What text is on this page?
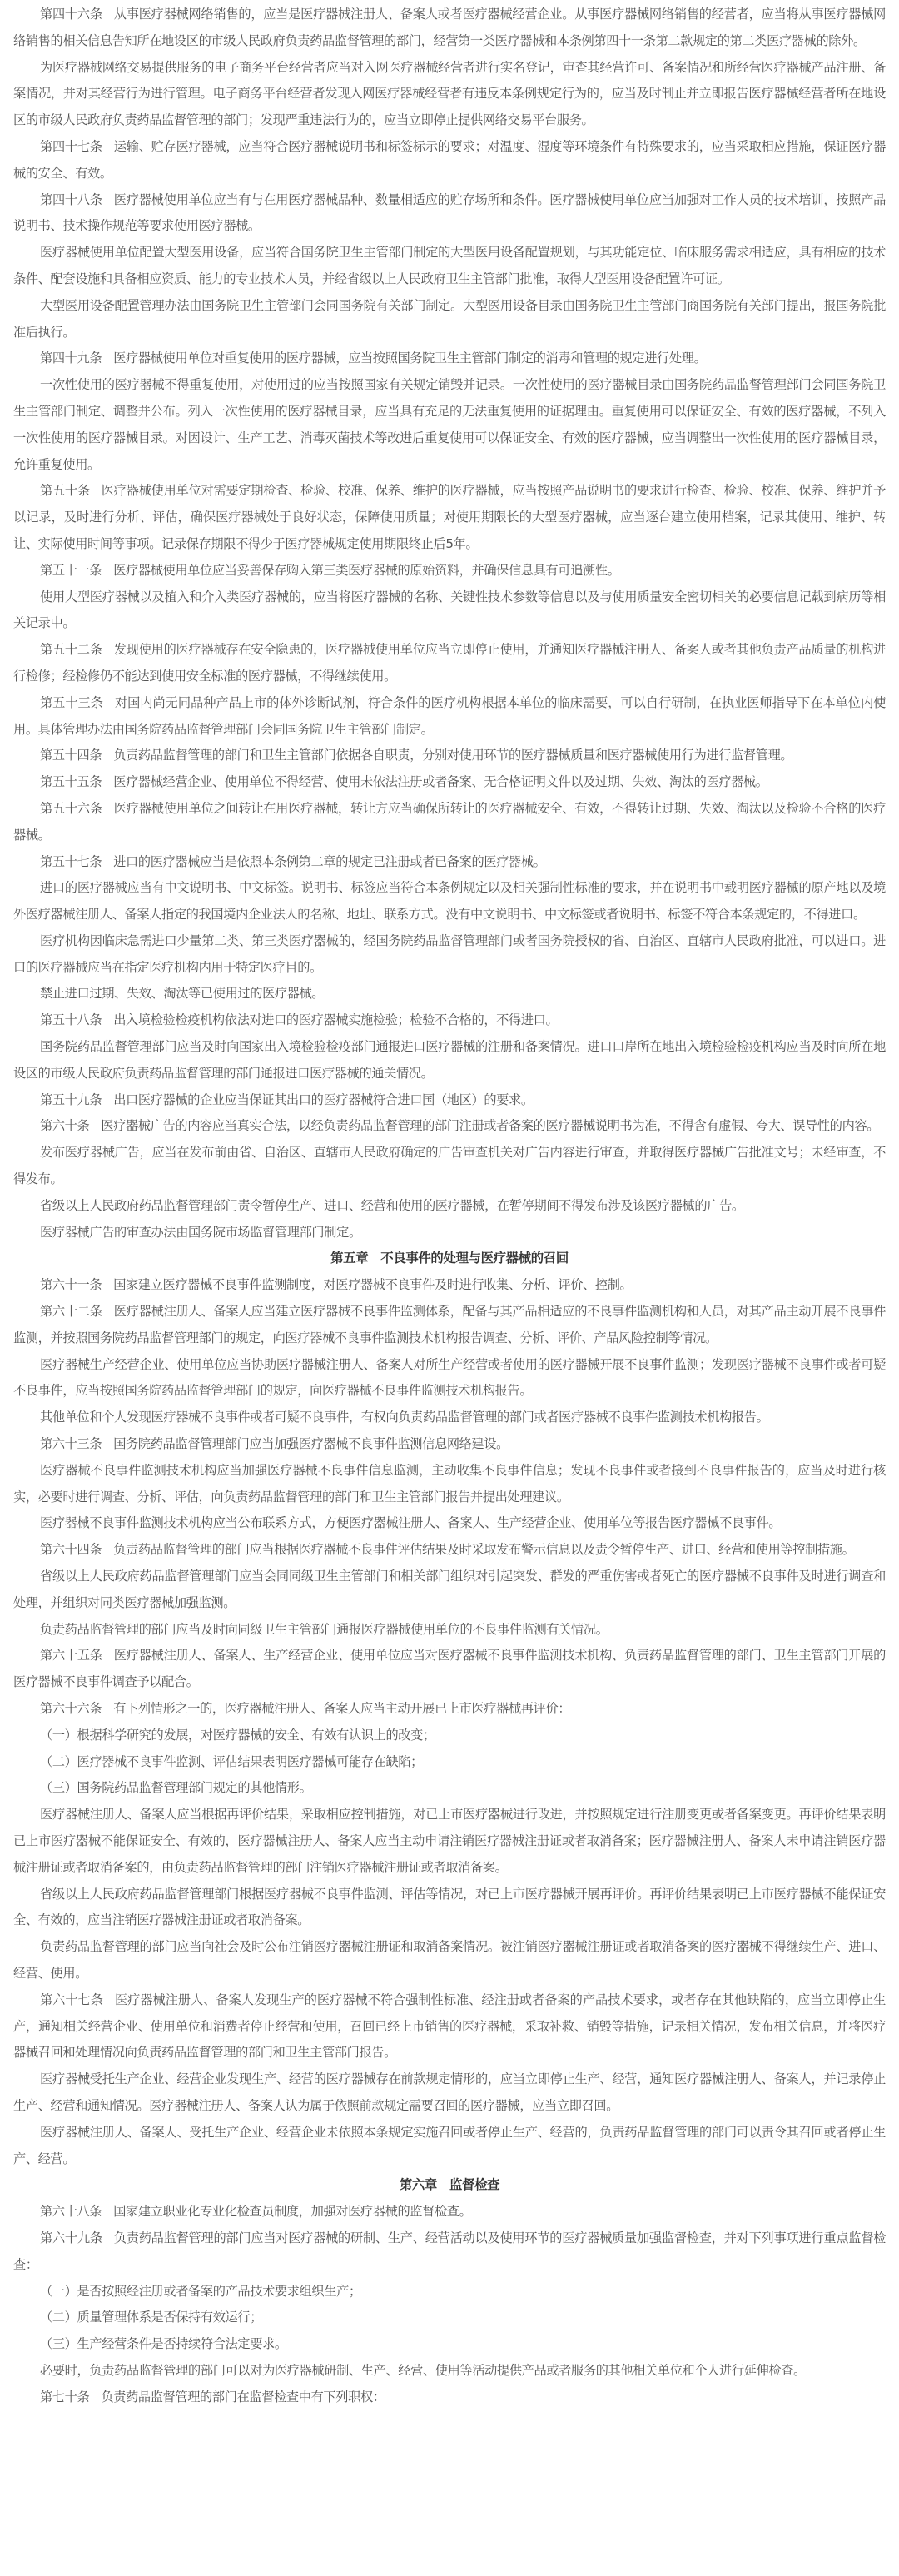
第四十六条 从事医疗器械网络销售的，应当是医疗器械注册人、备案人或者医疗器械经营企业。从事医疗器械网络销售的经营者，应当将从事医疗器械网络销售的相关信息告知所在地设区的市级人民政府负责药品监督管理的部门，经营第一类医疗器械和本条例第四十一条第二款规定的第二类医疗器械的除外。

为医疗器械网络交易提供服务的电子商务平台经营者应当对入网医疗器械经营者进行实名登记，审查其经营许可、备案情况和所经营医疗器械产品注册、备案情况，并对其经营行为进行管理。电子商务平台经营者发现入网医疗器械经营者有违反本条例规定行为的，应当及时制止并立即报告医疗器械经营者所在地设区的市级人民政府负责药品监督管理的部门；发现严重违法行为的，应当立即停止提供网络交易平台服务。

第四十七条 运输、贮存医疗器械，应当符合医疗器械说明书和标签标示的要求；对温度、湿度等环境条件有特殊要求的，应当采取相应措施，保证医疗器械的安全、有效。

第四十八条 医疗器械使用单位应当有与在用医疗器械品种、数量相适应的贮存场所和条件。医疗器械使用单位应当加强对工作人员的技术培训，按照产品说明书、技术操作规范等要求使用医疗器械。

医疗器械使用单位配置大型医用设备，应当符合国务院卫生主管部门制定的大型医用设备配置规划，与其功能定位、临床服务需求相适应，具有相应的技术条件、配套设施和具备相应资质、能力的专业技术人员，并经省级以上人民政府卫生主管部门批准，取得大型医用设备配置许可证。

大型医用设备配置管理办法由国务院卫生主管部门会同国务院有关部门制定。大型医用设备目录由国务院卫生主管部门商国务院有关部门提出，报国务院批准后执行。

第四十九条 医疗器械使用单位对重复使用的医疗器械，应当按照国务院卫生主管部门制定的消毒和管理的规定进行处理。

一次性使用的医疗器械不得重复使用，对使用过的应当按照国家有关规定销毁并记录。一次性使用的医疗器械目录由国务院药品监督管理部门会同国务院卫生主管部门制定、调整并公布。列入一次性使用的医疗器械目录，应当具有充足的无法重复使用的证据理由。重复使用可以保证安全、有效的医疗器械，不列入一次性使用的医疗器械目录。对因设计、生产工艺、消毒灭菌技术等改进后重复使用可以保证安全、有效的医疗器械，应当调整出一次性使用的医疗器械目录，允许重复使用。

第五十条 医疗器械使用单位对需要定期检查、检验、校准、保养、维护的医疗器械，应当按照产品说明书的要求进行检查、检验、校准、保养、维护并予以记录，及时进行分析、评估，确保医疗器械处于良好状态，保障使用质量；对使用期限长的大型医疗器械，应当逐台建立使用档案，记录其使用、维护、转让、实际使用时间等事项。记录保存期限不得少于医疗器械规定使用期限终止后5年。

第五十一条 医疗器械使用单位应当妥善保存购入第三类医疗器械的原始资料，并确保信息具有可追溯性。

使用大型医疗器械以及植入和介入类医疗器械的，应当将医疗器械的名称、关键性技术参数等信息以及与使用质量安全密切相关的必要信息记载到病历等相关记录中。

第五十二条 发现使用的医疗器械存在安全隐患的，医疗器械使用单位应当立即停止使用，并通知医疗器械注册人、备案人或者其他负责产品质量的机构进行检修；经检修仍不能达到使用安全标准的医疗器械，不得继续使用。

第五十三条 对国内尚无同品种产品上市的体外诊断试剂，符合条件的医疗机构根据本单位的临床需要，可以自行研制，在执业医师指导下在本单位内使用。具体管理办法由国务院药品监督管理部门会同国务院卫生主管部门制定。

第五十四条 负责药品监督管理的部门和卫生主管部门依据各自职责，分别对使用环节的医疗器械质量和医疗器械使用行为进行监督管理。

第五十五条 医疗器械经营企业、使用单位不得经营、使用未依法注册或者备案、无合格证明文件以及过期、失效、淘汰的医疗器械。

第五十六条 医疗器械使用单位之间转让在用医疗器械，转让方应当确保所转让的医疗器械安全、有效，不得转让过期、失效、淘汰以及检验不合格的医疗器械。

第五十七条 进口的医疗器械应当是依照本条例第二章的规定已注册或者已备案的医疗器械。

进口的医疗器械应当有中文说明书、中文标签。说明书、标签应当符合本条例规定以及相关强制性标准的要求，并在说明书中载明医疗器械的原产地以及境外医疗器械注册人、备案人指定的我国境内企业法人的名称、地址、联系方式。没有中文说明书、中文标签或者说明书、标签不符合本条规定的，不得进口。

医疗机构因临床急需进口少量第二类、第三类医疗器械的，经国务院药品监督管理部门或者国务院授权的省、自治区、直辖市人民政府批准，可以进口。进口的医疗器械应当在指定医疗机构内用于特定医疗目的。

禁止进口过期、失效、淘汰等已使用过的医疗器械。

第五十八条 出入境检验检疫机构依法对进口的医疗器械实施检验；检验不合格的，不得进口。

国务院药品监督管理部门应当及时向国家出入境检验检疫部门通报进口医疗器械的注册和备案情况。进口口岸所在地出入境检验检疫机构应当及时向所在地设区的市级人民政府负责药品监督管理的部门通报进口医疗器械的通关情况。

第五十九条 出口医疗器械的企业应当保证其出口的医疗器械符合进口国（地区）的要求。

第六十条 医疗器械广告的内容应当真实合法，以经负责药品监督管理的部门注册或者备案的医疗器械说明书为准，不得含有虚假、夸大、误导性的内容。

发布医疗器械广告，应当在发布前由省、自治区、直辖市人民政府确定的广告审查机关对广告内容进行审查，并取得医疗器械广告批准文号；未经审查，不得发布。

省级以上人民政府药品监督管理部门责令暂停生产、进口、经营和使用的医疗器械，在暂停期间不得发布涉及该医疗器械的广告。

医疗器械广告的审查办法由国务院市场监督管理部门制定。

第五章　不良事件的处理与医疗器械的召回

第六十一条 国家建立医疗器械不良事件监测制度，对医疗器械不良事件及时进行收集、分析、评价、控制。

第六十二条 医疗器械注册人、备案人应当建立医疗器械不良事件监测体系，配备与其产品相适应的不良事件监测机构和人员，对其产品主动开展不良事件监测，并按照国务院药品监督管理部门的规定，向医疗器械不良事件监测技术机构报告调查、分析、评价、产品风险控制等情况。

医疗器械生产经营企业、使用单位应当协助医疗器械注册人、备案人对所生产经营或者使用的医疗器械开展不良事件监测；发现医疗器械不良事件或者可疑不良事件，应当按照国务院药品监督管理部门的规定，向医疗器械不良事件监测技术机构报告。

其他单位和个人发现医疗器械不良事件或者可疑不良事件，有权向负责药品监督管理的部门或者医疗器械不良事件监测技术机构报告。

第六十三条 国务院药品监督管理部门应当加强医疗器械不良事件监测信息网络建设。

医疗器械不良事件监测技术机构应当加强医疗器械不良事件信息监测，主动收集不良事件信息；发现不良事件或者接到不良事件报告的，应当及时进行核实，必要时进行调查、分析、评估，向负责药品监督管理的部门和卫生主管部门报告并提出处理建议。

医疗器械不良事件监测技术机构应当公布联系方式，方便医疗器械注册人、备案人、生产经营企业、使用单位等报告医疗器械不良事件。

第六十四条 负责药品监督管理的部门应当根据医疗器械不良事件评估结果及时采取发布警示信息以及责令暂停生产、进口、经营和使用等控制措施。

省级以上人民政府药品监督管理部门应当会同同级卫生主管部门和相关部门组织对引起突发、群发的严重伤害或者死亡的医疗器械不良事件及时进行调查和处理，并组织对同类医疗器械加强监测。

负责药品监督管理的部门应当及时向同级卫生主管部门通报医疗器械使用单位的不良事件监测有关情况。

第六十五条 医疗器械注册人、备案人、生产经营企业、使用单位应当对医疗器械不良事件监测技术机构、负责药品监督管理的部门、卫生主管部门开展的医疗器械不良事件调查予以配合。

第六十六条 有下列情形之一的，医疗器械注册人、备案人应当主动开展已上市医疗器械再评价：

（一）根据科学研究的发展，对医疗器械的安全、有效有认识上的改变；

（二）医疗器械不良事件监测、评估结果表明医疗器械可能存在缺陷；

（三）国务院药品监督管理部门规定的其他情形。

医疗器械注册人、备案人应当根据再评价结果，采取相应控制措施，对已上市医疗器械进行改进，并按照规定进行注册变更或者备案变更。再评价结果表明已上市医疗器械不能保证安全、有效的，医疗器械注册人、备案人应当主动申请注销医疗器械注册证或者取消备案；医疗器械注册人、备案人未申请注销医疗器械注册证或者取消备案的，由负责药品监督管理的部门注销医疗器械注册证或者取消备案。

省级以上人民政府药品监督管理部门根据医疗器械不良事件监测、评估等情况，对已上市医疗器械开展再评价。再评价结果表明已上市医疗器械不能保证安全、有效的，应当注销医疗器械注册证或者取消备案。

负责药品监督管理的部门应当向社会及时公布注销医疗器械注册证和取消备案情况。被注销医疗器械注册证或者取消备案的医疗器械不得继续生产、进口、经营、使用。

第六十七条 医疗器械注册人、备案人发现生产的医疗器械不符合强制性标准、经注册或者备案的产品技术要求，或者存在其他缺陷的，应当立即停止生产，通知相关经营企业、使用单位和消费者停止经营和使用，召回已经上市销售的医疗器械，采取补救、销毁等措施，记录相关情况，发布相关信息，并将医疗器械召回和处理情况向负责药品监督管理的部门和卫生主管部门报告。

医疗器械受托生产企业、经营企业发现生产、经营的医疗器械存在前款规定情形的，应当立即停止生产、经营，通知医疗器械注册人、备案人，并记录停止生产、经营和通知情况。医疗器械注册人、备案人认为属于依照前款规定需要召回的医疗器械，应当立即召回。

医疗器械注册人、备案人、受托生产企业、经营企业未依照本条规定实施召回或者停止生产、经营的，负责药品监督管理的部门可以责令其召回或者停止生产、经营。

第六章　监督检查

第六十八条 国家建立职业化专业化检查员制度，加强对医疗器械的监督检查。

第六十九条 负责药品监督管理的部门应当对医疗器械的研制、生产、经营活动以及使用环节的医疗器械质量加强监督检查，并对下列事项进行重点监督检查：

（一）是否按照经注册或者备案的产品技术要求组织生产；

（二）质量管理体系是否保持有效运行；

（三）生产经营条件是否持续符合法定要求。

必要时，负责药品监督管理的部门可以对为医疗器械研制、生产、经营、使用等活动提供产品或者服务的其他相关单位和个人进行延伸检查。

第七十条 负责药品监督管理的部门在监督检查中有下列职权：
